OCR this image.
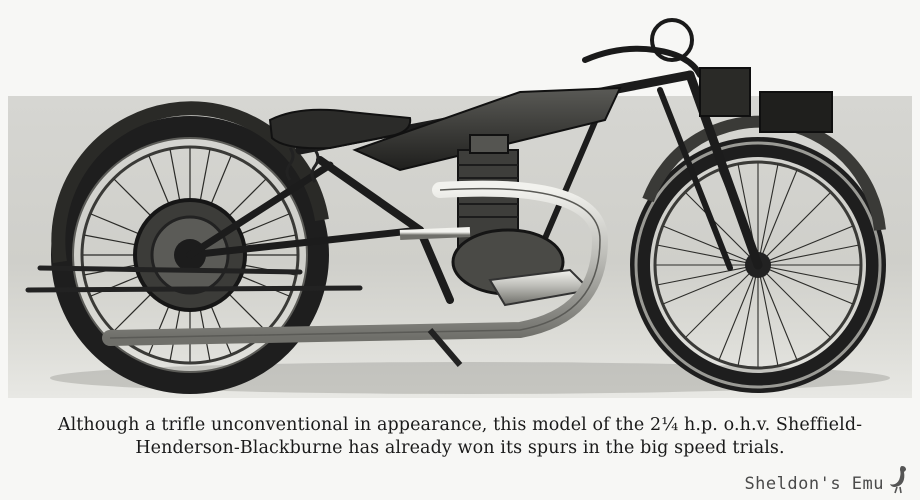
Although a trifle unconventional in appearance, this model of the 2¼ h.p. o.h.v. Sheffield-
Henderson-Blackburne has already won its spurs in the big speed trials.
Sheldon's Emu
